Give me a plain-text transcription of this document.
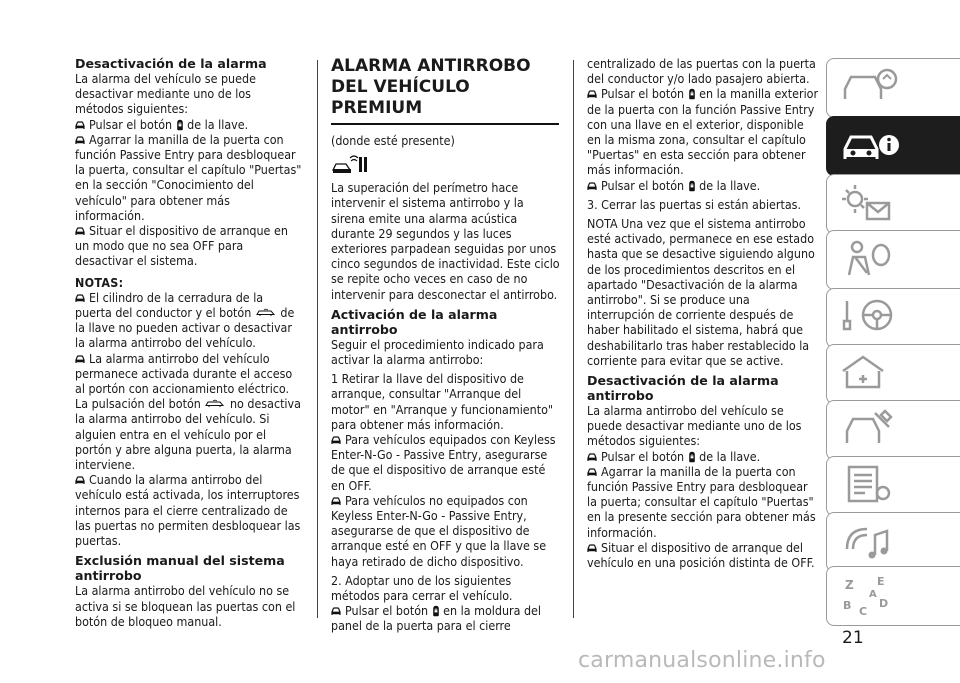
Desactivación de la alarma

La alarma del vehículo se puede desactivar mediante uno de los métodos siguientes:

Pulsar el botón de la llave.

Agarrar la manilla de la puerta con función Passive Entry para desbloquear la puerta, consultar el capítulo "Puertas" en la sección "Conocimiento del vehículo" para obtener más información.

Situar el dispositivo de arranque en un modo que no sea OFF para desactivar el sistema.

NOTAS:

El cilindro de la cerradura de la puerta del conductor y el botón de la llave no pueden activar o desactivar la alarma antirrobo del vehículo.

La alarma antirrobo del vehículo permanece activada durante el acceso al portón con accionamiento eléctrico. La pulsación del botón no desactiva la alarma antirrobo del vehículo. Si alguien entra en el vehículo por el portón y abre alguna puerta, la alarma interviene.

Cuando la alarma antirrobo del vehículo está activada, los interruptores internos para el cierre centralizado de las puertas no permiten desbloquear las puertas.

Exclusión manual del sistema antirrobo

La alarma antirrobo del vehículo no se activa si se bloquean las puertas con el botón de bloqueo manual.

ALARMA ANTIRROBO DEL VEHÍCULO PREMIUM

(donde esté presente)

La superación del perímetro hace intervenir el sistema antirrobo y la sirena emite una alarma acústica durante 29 segundos y las luces exteriores parpadean seguidas por unos cinco segundos de inactividad. Este ciclo se repite ocho veces en caso de no intervenir para desconectar el antirrobo.

Activación de la alarma antirrobo

Seguir el procedimiento indicado para activar la alarma antirrobo:

1 Retirar la llave del dispositivo de arranque, consultar "Arranque del motor" en "Arranque y funcionamiento" para obtener más información.

Para vehículos equipados con Keyless Enter-N-Go - Passive Entry, asegurarse de que el dispositivo de arranque esté en OFF.

Para vehículos no equipados con Keyless Enter-N-Go - Passive Entry, asegurarse de que el dispositivo de arranque esté en OFF y que la llave se haya retirado de dicho dispositivo.

2. Adoptar uno de los siguientes métodos para cerrar el vehículo.

Pulsar el botón en la moldura del panel de la puerta para el cierre

centralizado de las puertas con la puerta del conductor y/o lado pasajero abierta.

Pulsar el botón en la manilla exterior de la puerta con la función Passive Entry con una llave en el exterior, disponible en la misma zona, consultar el capítulo "Puertas" en esta sección para obtener más información.

Pulsar el botón de la llave.

3. Cerrar las puertas si están abiertas.

NOTA Una vez que el sistema antirrobo esté activado, permanece en ese estado hasta que se desactive siguiendo alguno de los procedimientos descritos en el apartado "Desactivación de la alarma antirrobo". Si se produce una interrupción de corriente después de haber habilitado el sistema, habrá que deshabilitarlo tras haber restablecido la corriente para evitar que se active.

Desactivación de la alarma antirrobo

La alarma antirrobo del vehículo se puede desactivar mediante uno de los métodos siguientes:

Pulsar el botón de la llave.

Agarrar la manilla de la puerta con función Passive Entry para desbloquear la puerta; consultar el capítulo "Puertas" en la presente sección para obtener más información.

Situar el dispositivo de arranque del vehículo en una posición distinta de OFF.

Z E
B C
D
A
21
carmanualsonline.info
